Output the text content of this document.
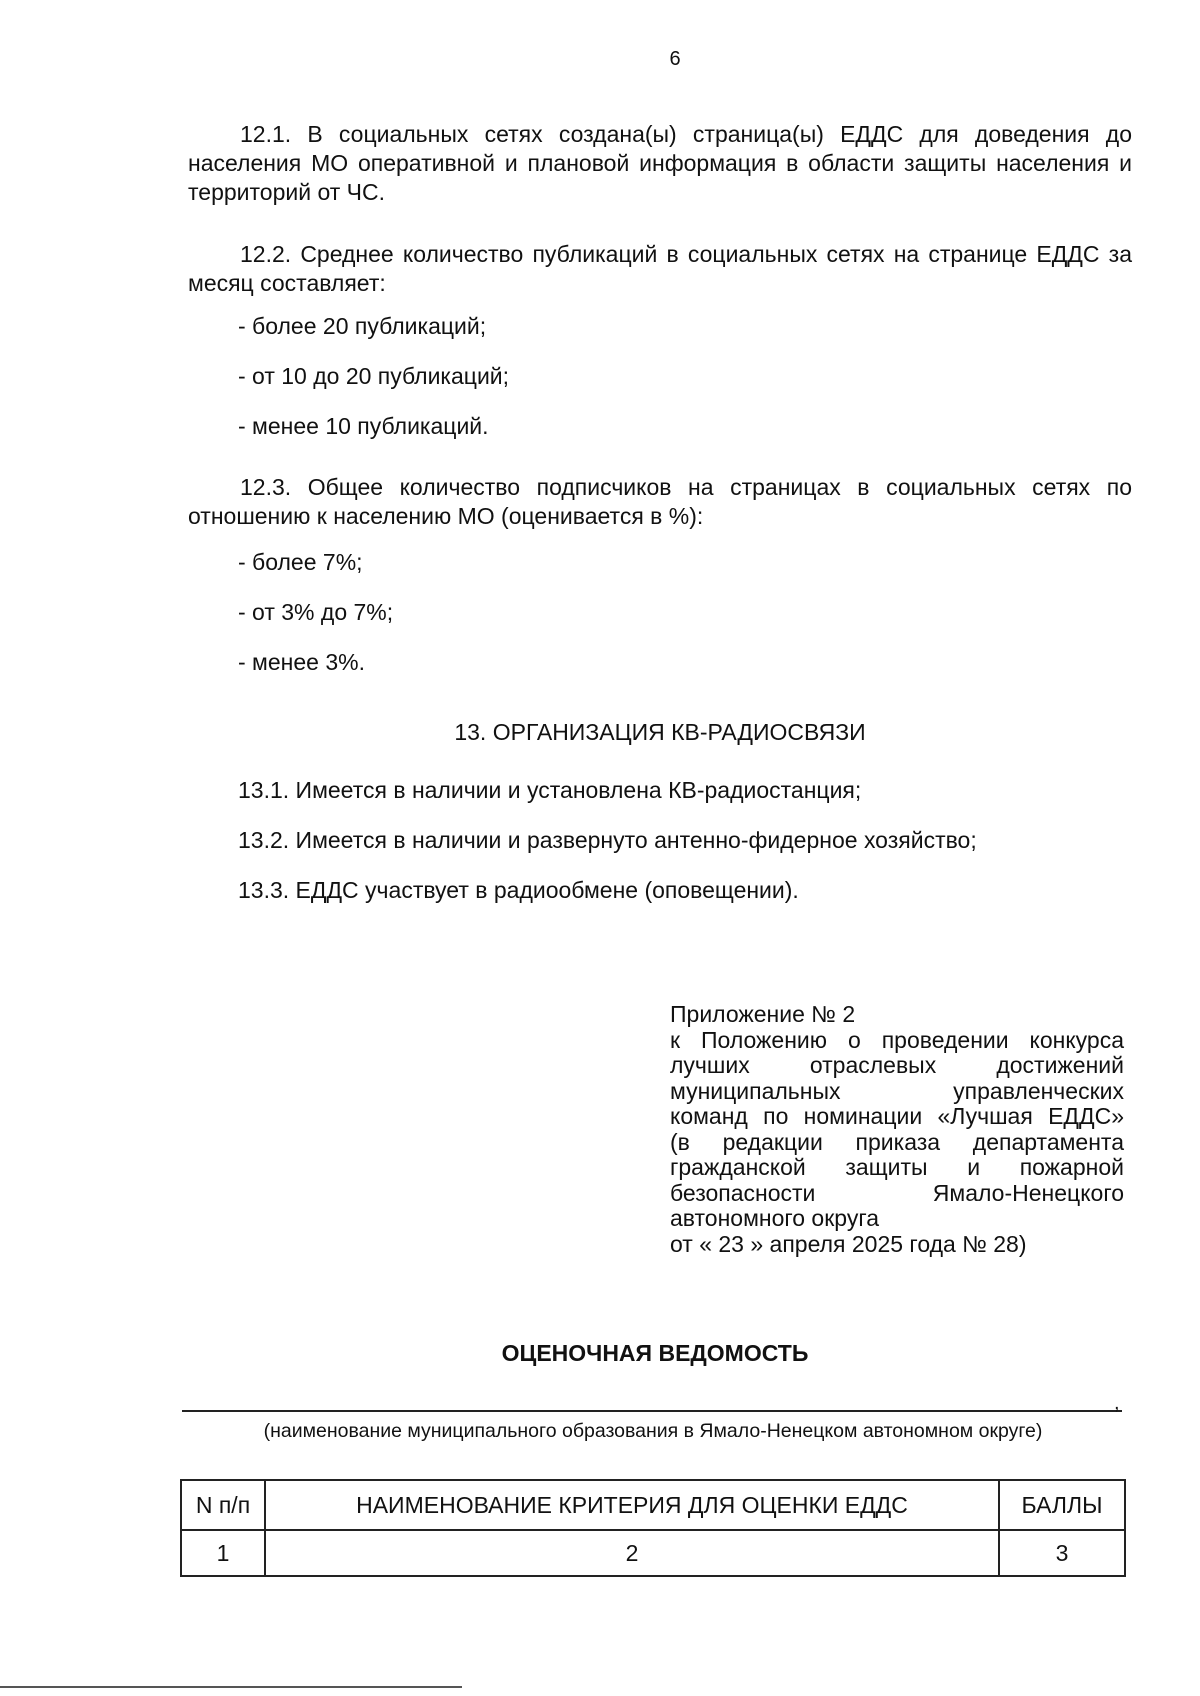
6

12.1. В социальных сетях создана(ы) страница(ы) ЕДДС для доведения до населения МО оперативной и плановой информация в области защиты населения и территорий от ЧС.

12.2. Среднее количество публикаций в социальных сетях на странице ЕДДС за месяц составляет:

- более 20 публикаций;
- от 10 до 20 публикаций;
- менее 10 публикаций.

12.3. Общее количество подписчиков на страницах в социальных сетях по отношению к населению МО (оценивается в %):

- более 7%;
- от 3% до 7%;
- менее 3%.
13. ОРГАНИЗАЦИЯ КВ-РАДИОСВЯЗИ
13.1. Имеется в наличии и установлена КВ-радиостанция;
13.2. Имеется в наличии и развернуто антенно-фидерное хозяйство;
13.3. ЕДДС участвует в радиообмене (оповещении).
Приложение № 2
к Положению о проведении конкурса
лучших отраслевых достижений
муниципальных управленческих
команд по номинации «Лучшая ЕДДС»
(в редакции приказа департамента
гражданской защиты и пожарной
безопасности Ямало-Ненецкого
автономного округа
от « 23 » апреля 2025 года № 28)
ОЦЕНОЧНАЯ ВЕДОМОСТЬ
,
(наименование муниципального образования в Ямало-Ненецком автономном округе)
N п/п	НАИМЕНОВАНИЕ КРИТЕРИЯ ДЛЯ ОЦЕНКИ ЕДДС	БАЛЛЫ
1	2	3
